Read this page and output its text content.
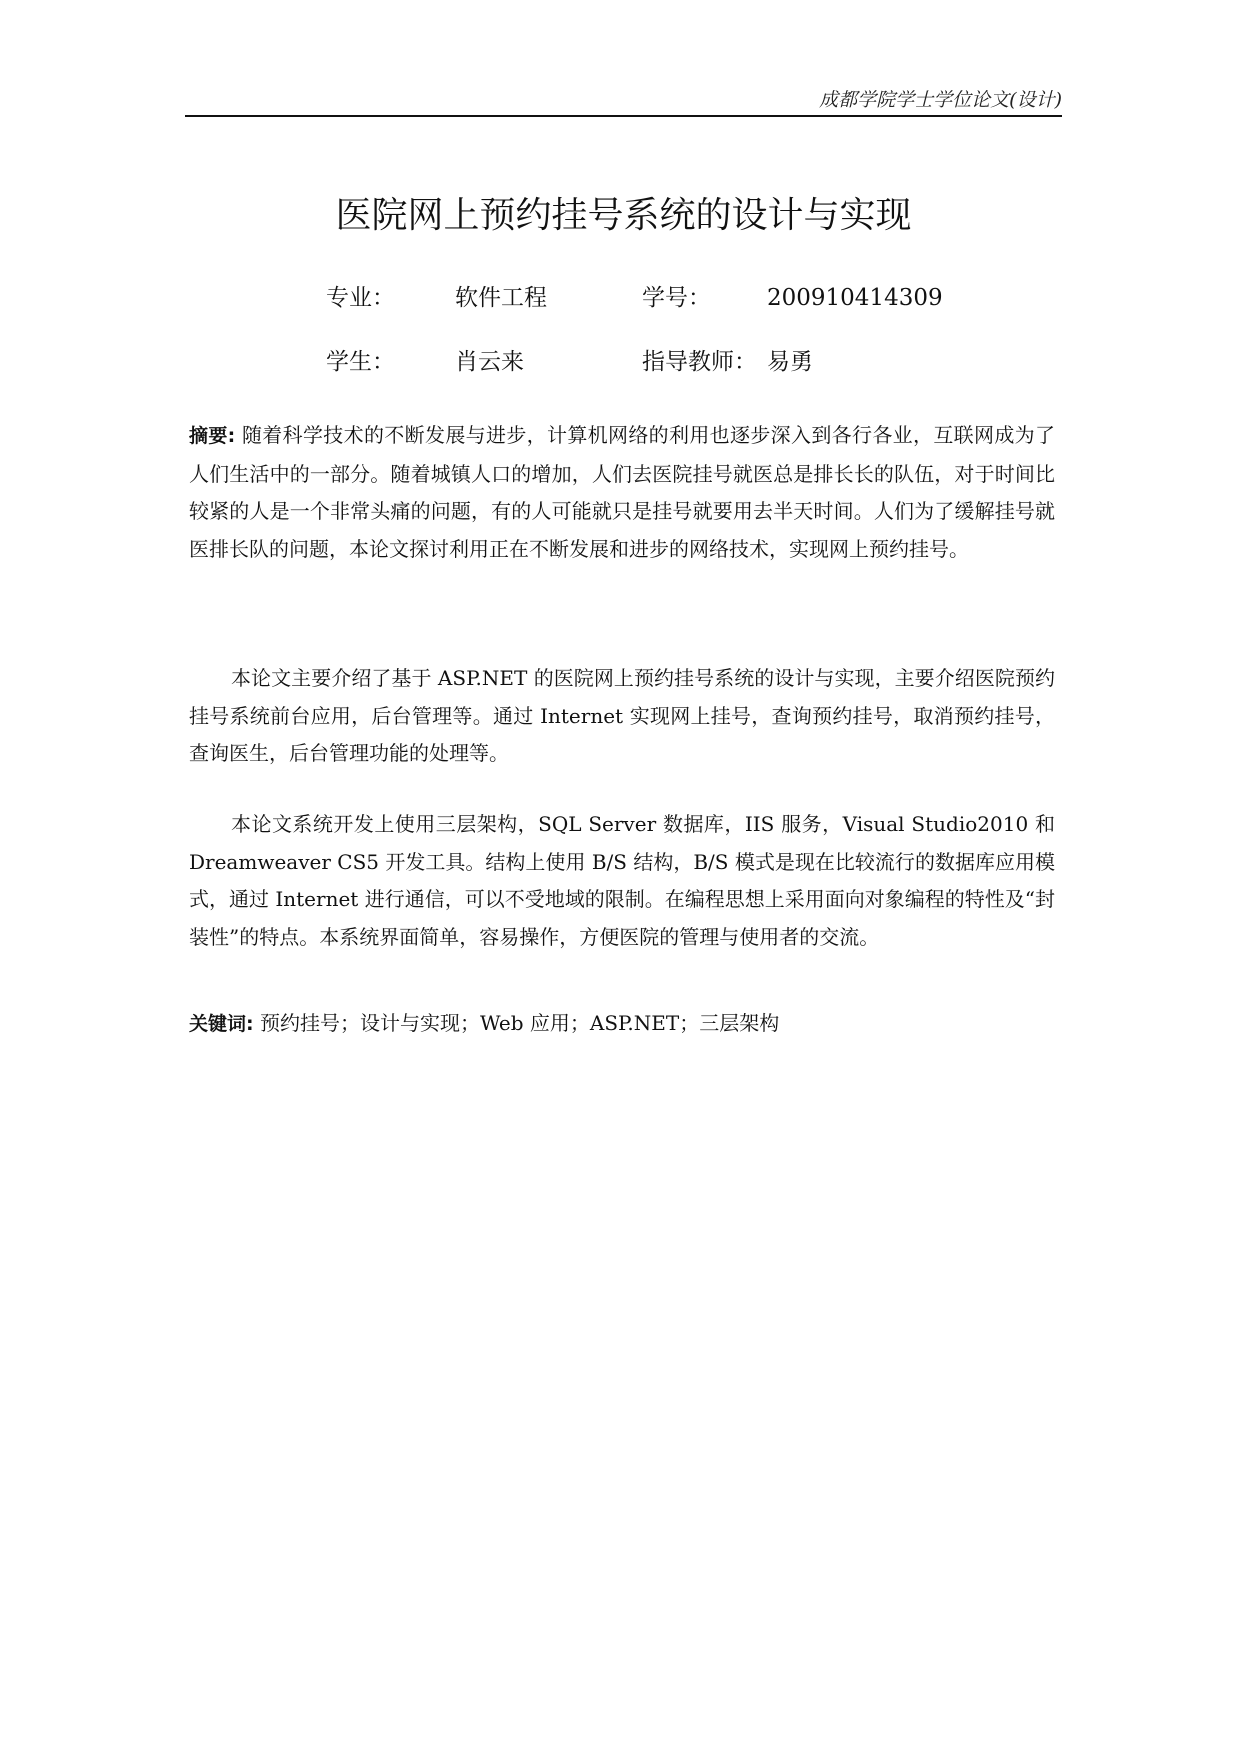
成都学院学士学位论文(设计)
医院网上预约挂号系统的设计与实现
专业：	软件工程	学号： 200910414309
学生：	肖云来	指导教师： 易勇

摘要: 随着科学技术的不断发展与进步，计算机网络的利用也逐步深入到各行各业，互联网成为了人们生活中的一部分。随着城镇人口的增加，人们去医院挂号就医总是排长长的队伍，对于时间比较紧的人是一个非常头痛的问题，有的人可能就只是挂号就要用去半天时间。人们为了缓解挂号就医排长队的问题，本论文探讨利用正在不断发展和进步的网络技术，实现网上预约挂号。

本论文主要介绍了基于 ASP.NET 的医院网上预约挂号系统的设计与实现，主要介绍医院预约挂号系统前台应用，后台管理等。通过 Internet 实现网上挂号，查询预约挂号，取消预约挂号，查询医生，后台管理功能的处理等。

本论文系统开发上使用三层架构，SQL Server 数据库，IIS 服务，Visual Studio2010 和 Dreamweaver CS5 开发工具。结构上使用 B/S 结构，B/S 模式是现在比较流行的数据库应用模式，通过 Internet 进行通信，可以不受地域的限制。在编程思想上采用面向对象编程的特性及“封装性”的特点。本系统界面简单，容易操作，方便医院的管理与使用者的交流。

关键词: 预约挂号；设计与实现；Web 应用；ASP.NET；三层架构
